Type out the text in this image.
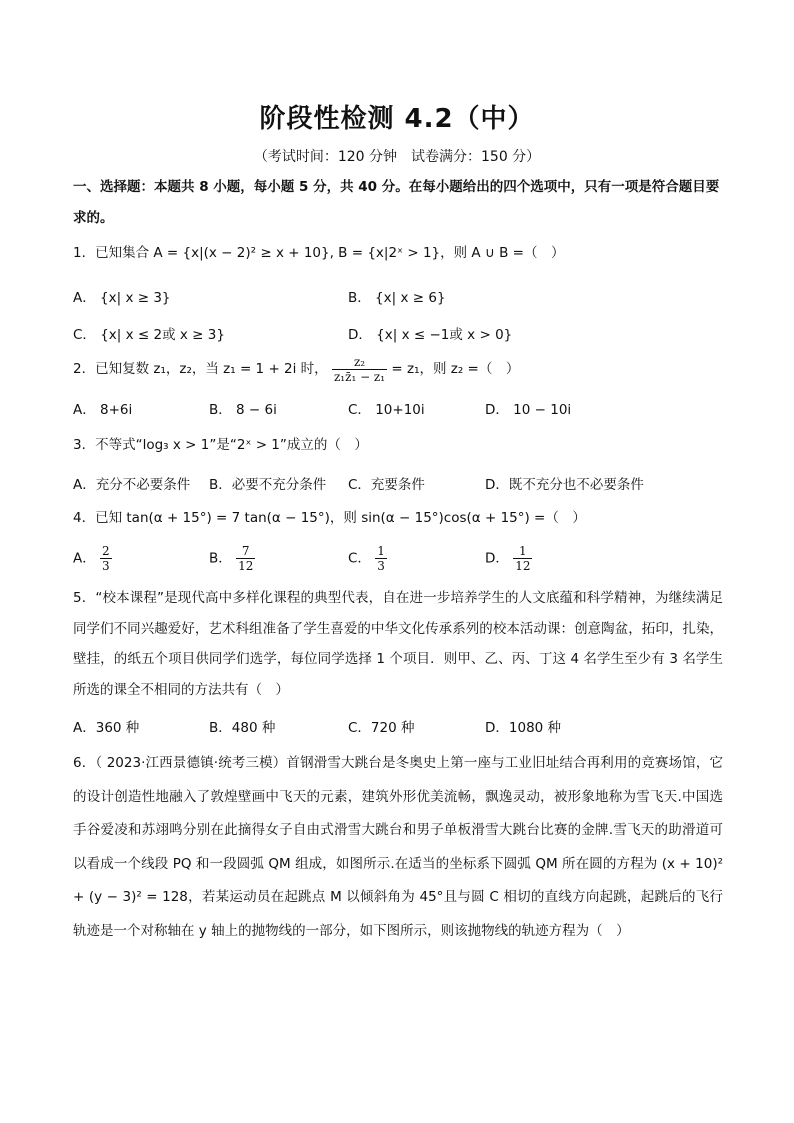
阶段性检测 4.2（中）
（考试时间：120 分钟　试卷满分：150 分）
一、选择题：本题共 8 小题，每小题 5 分，共 40 分。在每小题给出的四个选项中，只有一项是符合题目要
求的。
1．已知集合 A = {x|(x − 2)² ≥ x + 10}, B = {x|2ˣ > 1}，则 A ∪ B =（　）
A． {x| x ≥ 3}	B． {x| x ≥ 6}
C． {x| x ≤ 2或 x ≥ 3}	D． {x| x ≤ −1或 x > 0}
2．已知复数 z₁，z₂，当 z₁ = 1 + 2i 时， $\frac{\text{z₂}}{\text{z₁z̄₁ − z₁}} = z_1$，则 z₂ =（　）
A． 8+6i	B． 8 − 6i	C． 10+10i	D． 10 − 10i
3．不等式“log₃ x > 1”是“2ˣ > 1”成立的（　）
A．充分不必要条件 B．必要不充分条件 C．充要条件	D．既不充分也不必要条件
4．已知 tan(α + 15°) = 7 tan(α − 15°)，则 sin(α − 15°)cos(α + 15°) =（　）
A． $\frac{2}{3}$	B． $\frac{7}{12}$	C． $\frac{1}{3}$	D． $\frac{1}{12}$
5．“校本课程”是现代高中多样化课程的典型代表，自在进一步培养学生的人文底蕴和科学精神，为继续满足同学们不同兴趣爱好，艺术科组准备了学生喜爱的中华文化传承系列的校本活动课：创意陶盆，拓印，扎染，壁挂，的纸五个项目供同学们选学，每位同学选择 1 个项目．则甲、乙、丙、丁这 4 名学生至少有 3 名学生所选的课全不相同的方法共有（　）
A．360 种	B．480 种	C．720 种	D．1080 种
6．（ 2023·江西景德镇·统考三模）首钢滑雪大跳台是冬奥史上第一座与工业旧址结合再利用的竞赛场馆，它的设计创造性地融入了敦煌壁画中飞天的元素，建筑外形优美流畅，飘逸灵动，被形象地称为雪飞天.中国选手谷爱凌和苏翊鸣分别在此摘得女子自由式滑雪大跳台和男子单板滑雪大跳台比赛的金牌.雪飞天的助滑道可以看成一个线段 PQ 和一段圆弧 QM 组成，如图所示.在适当的坐标系下圆弧 QM 所在圆的方程为 (x + 10)² + (y − 3)² = 128，若某运动员在起跳点 M 以倾斜角为 45°且与圆 C 相切的直线方向起跳，起跳后的飞行轨迹是一个对称轴在 y 轴上的抛物线的一部分，如下图所示，则该抛物线的轨迹方程为（　）
